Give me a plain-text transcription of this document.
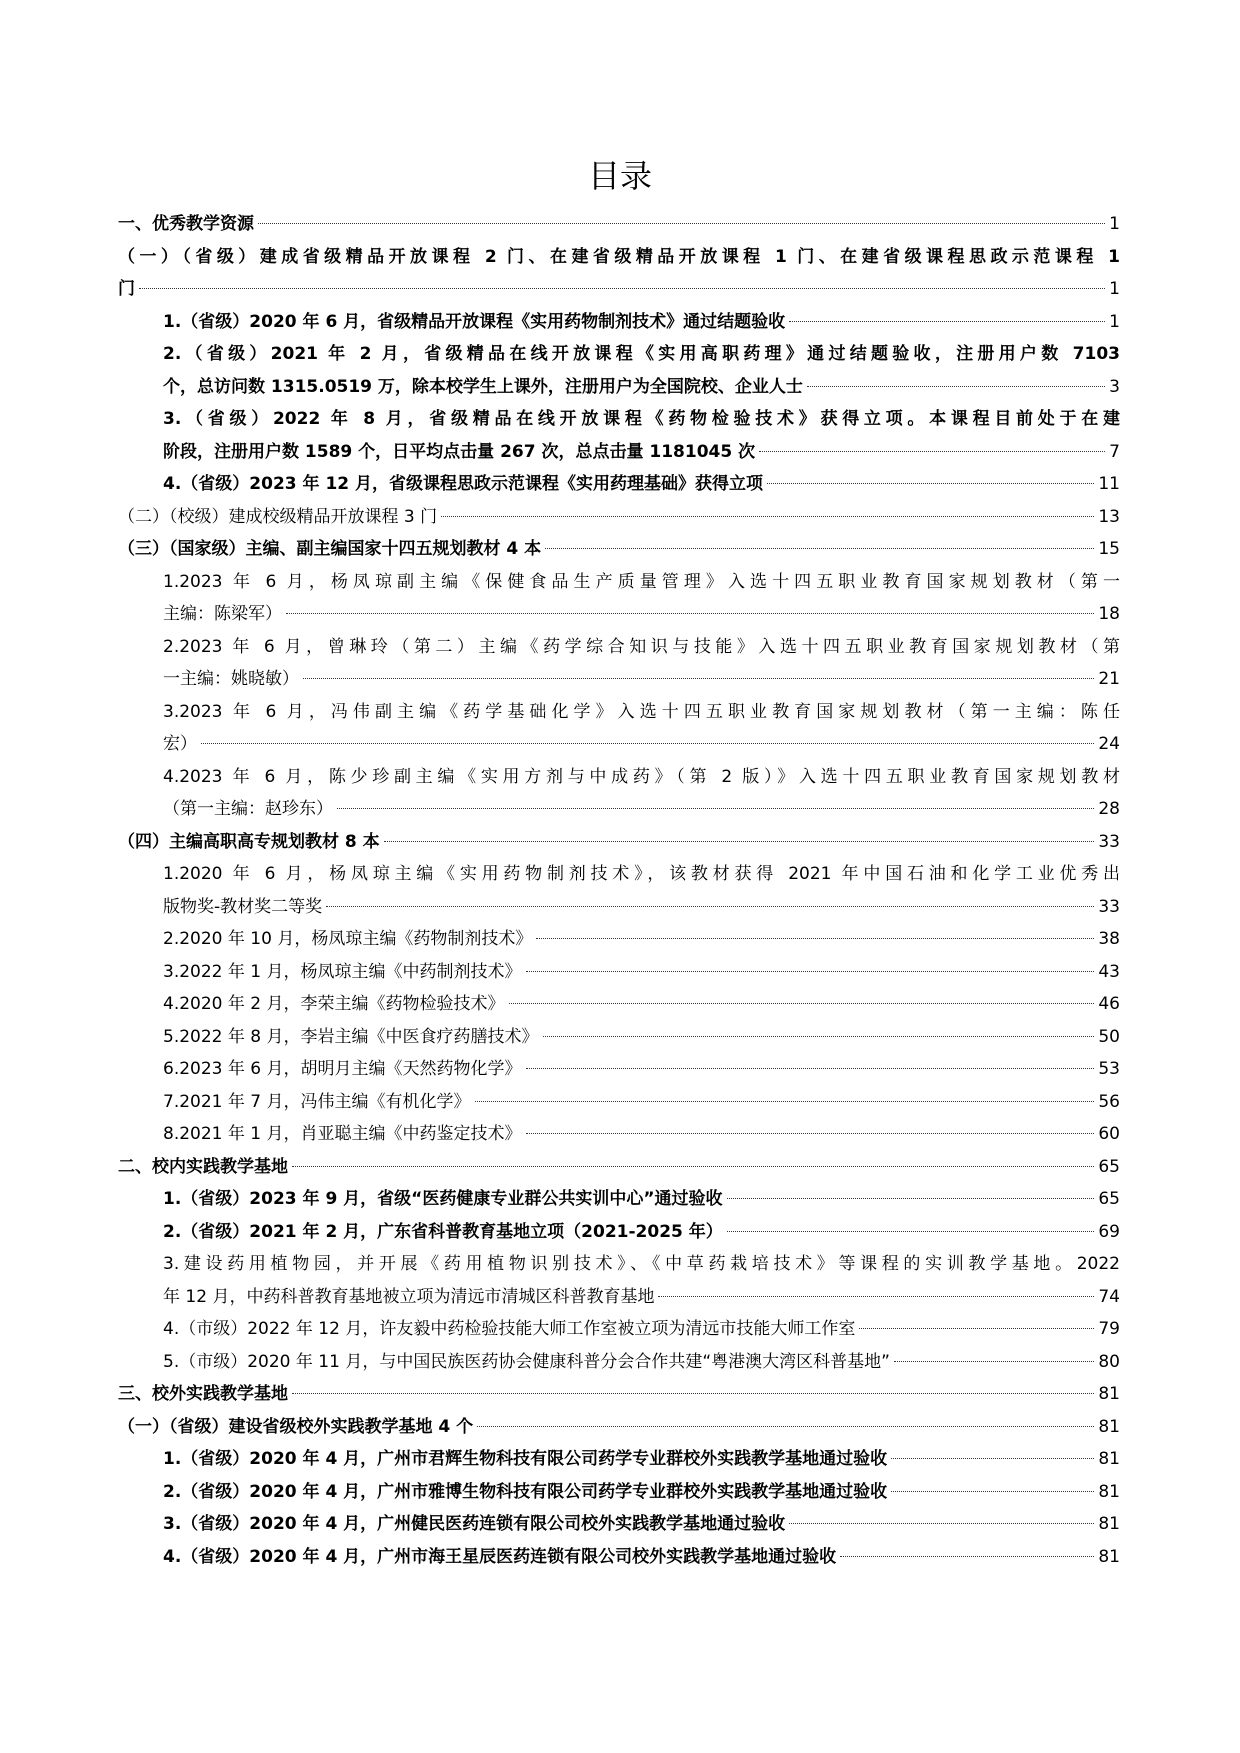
目录
一、优秀教学资源	1
（一）（省级）建成省级精品开放课程 2 门、在建省级精品开放课程 1 门、在建省级课程思政示范课程 1
门	1
1.（省级）2020 年 6 月，省级精品开放课程《实用药物制剂技术》通过结题验收	1
2.（省级）2021 年 2 月，省级精品在线开放课程《实用高职药理》通过结题验收，注册用户数 7103
个，总访问数 1315.0519 万，除本校学生上课外，注册用户为全国院校、企业人士	3
3.（省级）2022 年 8 月，省级精品在线开放课程《药物检验技术》获得立项。本课程目前处于在建
阶段，注册用户数 1589 个，日平均点击量 267 次，总点击量 1181045 次	7
4.（省级）2023 年 12 月，省级课程思政示范课程《实用药理基础》获得立项	11
（二）（校级）建成校级精品开放课程 3 门	13
（三）（国家级）主编、副主编国家十四五规划教材 4 本	15
1.2023 年 6 月，杨凤琼副主编《保健食品生产质量管理》入选十四五职业教育国家规划教材（第一
主编：陈梁军）	18
2.2023 年 6 月，曾琳玲（第二）主编《药学综合知识与技能》入选十四五职业教育国家规划教材（第
一主编：姚晓敏）	21
3.2023 年 6 月，冯伟副主编《药学基础化学》入选十四五职业教育国家规划教材（第一主编：陈任
宏）	24
4.2023 年 6 月，陈少珍副主编《实用方剂与中成药》（第 2 版）》入选十四五职业教育国家规划教材
（第一主编：赵珍东）	28
（四）主编高职高专规划教材 8 本	33
1.2020 年 6 月，杨凤琼主编《实用药物制剂技术》，该教材获得 2021 年中国石油和化学工业优秀出
版物奖-教材奖二等奖	33
2.2020 年 10 月，杨凤琼主编《药物制剂技术》	38
3.2022 年 1 月，杨凤琼主编《中药制剂技术》	43
4.2020 年 2 月，李荣主编《药物检验技术》	46
5.2022 年 8 月，李岩主编《中医食疗药膳技术》	50
6.2023 年 6 月，胡明月主编《天然药物化学》	53
7.2021 年 7 月，冯伟主编《有机化学》	56
8.2021 年 1 月，肖亚聪主编《中药鉴定技术》	60
二、校内实践教学基地	65
1.（省级）2023 年 9 月，省级“医药健康专业群公共实训中心”通过验收	65
2.（省级）2021 年 2 月，广东省科普教育基地立项（2021-2025 年）	69
3.建设药用植物园，并开展《药用植物识别技术》、《中草药栽培技术》等课程的实训教学基地。2022
年 12 月，中药科普教育基地被立项为清远市清城区科普教育基地	74
4.（市级）2022 年 12 月，许友毅中药检验技能大师工作室被立项为清远市技能大师工作室	79
5.（市级）2020 年 11 月，与中国民族医药协会健康科普分会合作共建“粤港澳大湾区科普基地”	80
三、校外实践教学基地	81
（一）（省级）建设省级校外实践教学基地 4 个	81
1.（省级）2020 年 4 月，广州市君辉生物科技有限公司药学专业群校外实践教学基地通过验收	81
2.（省级）2020 年 4 月，广州市雅博生物科技有限公司药学专业群校外实践教学基地通过验收	81
3.（省级）2020 年 4 月，广州健民医药连锁有限公司校外实践教学基地通过验收	81
4.（省级）2020 年 4 月，广州市海王星辰医药连锁有限公司校外实践教学基地通过验收	81
